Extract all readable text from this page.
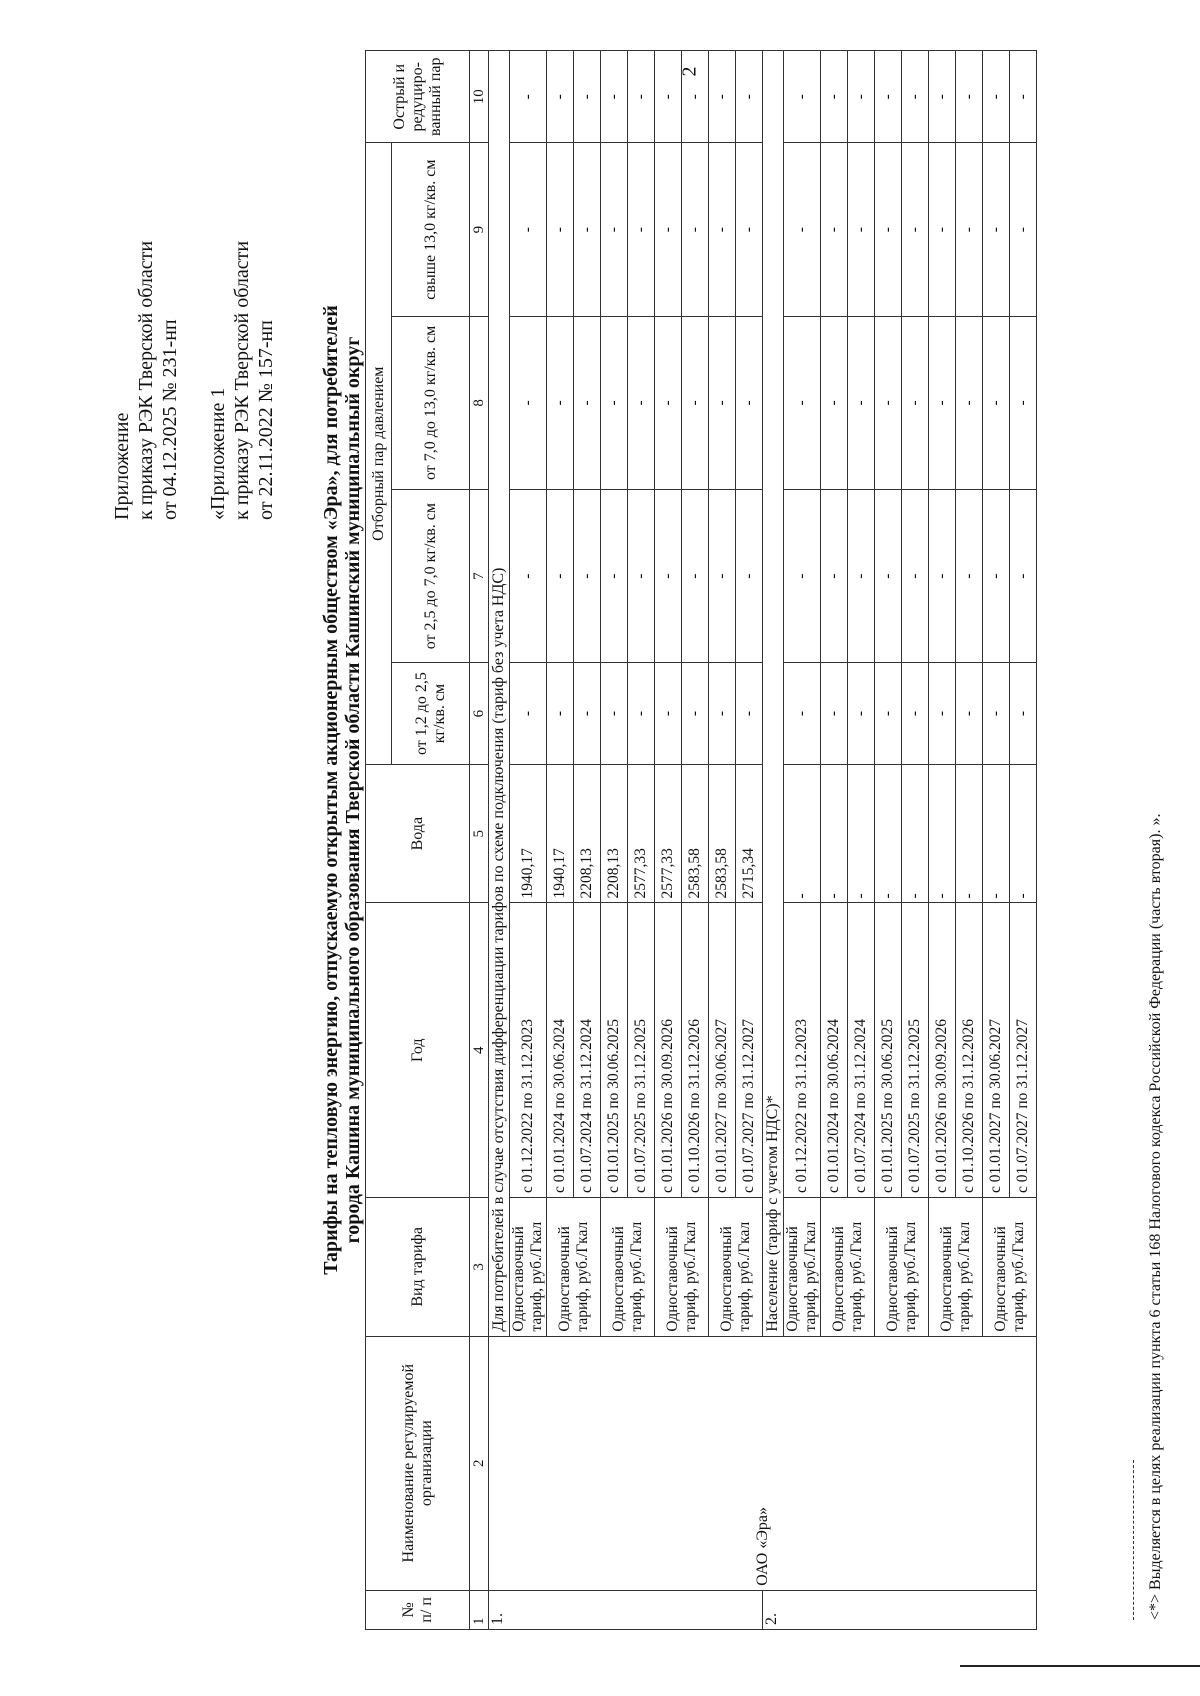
2
Приложение к приказу РЭК Тверской области от 04.12.2025 № 231-нп «Приложение 1 к приказу РЭК Тверской области от 22.11.2022 № 157-нп Тарифы на тепловую энергию, отпускаемую открытым акционерным обществом «Эра», для потребителей города Кашина муниципального образования Тверской области Кашинский муниципальный округ
№ п/ п	Наименование регулируемой организации	Вид тарифа	Год	Вода	Отборный пар давлением				Острый и редуциро- ванный пар
					от 1,2 до 2,5 кг/кв. см	от 2,5 до 7,0 кг/кв. см	от 7,0 до 13,0 кг/кв. см	свыше 13,0 кг/кв. см	
1	2	3	4	5	6	7	8	9	10
1.	ОАО «Эра»	Для потребителей в случае отсутствия дифференциации тарифов по схеме подключения (тариф без учета НДС)							
		Одноставочный тариф, руб./Гкал	с 01.12.2022 по 31.12.2023	1940,17	-	-	-	-	-
		Одноставочный тариф, руб./Гкал	с 01.01.2024 по 30.06.2024	1940,17	-	-	-	-	-
			с 01.07.2024 по 31.12.2024	2208,13	-	-	-	-	-
		Одноставочный тариф, руб./Гкал	с 01.01.2025 по 30.06.2025	2208,13	-	-	-	-	-
			с 01.07.2025 по 31.12.2025	2577,33	-	-	-	-	-
		Одноставочный тариф, руб./Гкал	с 01.01.2026 по 30.09.2026	2577,33	-	-	-	-	-
			с 01.10.2026 по 31.12.2026	2583,58	-	-	-	-	-
		Одноставочный тариф, руб./Гкал	с 01.01.2027 по 30.06.2027	2583,58	-	-	-	-	-
			с 01.07.2027 по 31.12.2027	2715,34	-	-	-	-	-
2.		Население (тариф с учетом НДС)*							
		Одноставочный тариф, руб./Гкал	с 01.12.2022 по 31.12.2023	-	-	-	-	-	-
		Одноставочный тариф, руб./Гкал	с 01.01.2024 по 30.06.2024	-	-	-	-	-	-
			с 01.07.2024 по 31.12.2024	-	-	-	-	-	-
		Одноставочный тариф, руб./Гкал	с 01.01.2025 по 30.06.2025	-	-	-	-	-	-
			с 01.07.2025 по 31.12.2025	-	-	-	-	-	-
		Одноставочный тариф, руб./Гкал	с 01.01.2026 по 30.09.2026	-	-	-	-	-	-
			с 01.10.2026 по 31.12.2026	-	-	-	-	-	-
		Одноставочный тариф, руб./Гкал	с 01.01.2027 по 30.06.2027	-	-	-	-	-	-
			с 01.07.2027 по 31.12.2027	-	-	-	-	-	-
<*> Выделяется в целях реализации пункта 6 статьи 168 Налогового кодекса Российской Федерации (часть вторая). ».
